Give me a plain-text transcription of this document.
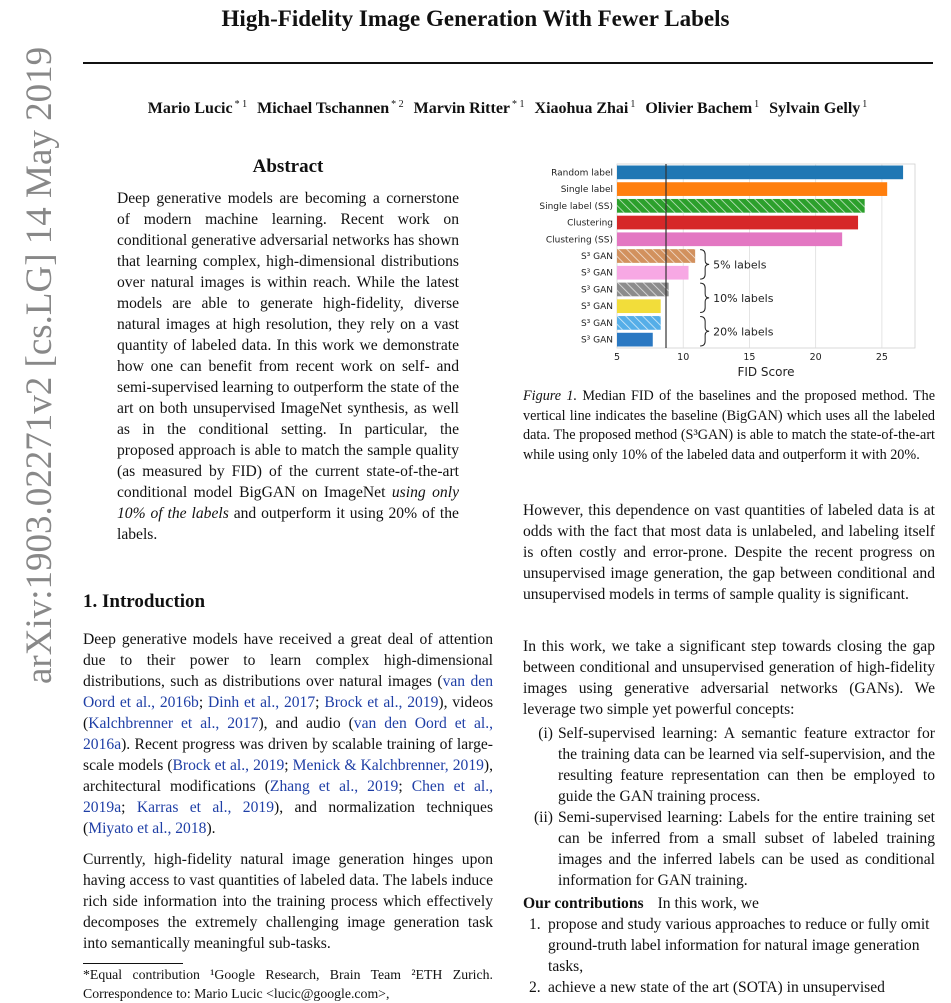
High-Fidelity Image Generation With Fewer Labels
Mario Lucic $^{* 1}$ Michael Tschannen $^{* 2}$ Marvin Ritter $^{* 1}$ Xiaohua Zhai $^1$ Olivier Bachem $^1$ Sylvain Gelly $^1$
arXiv:1903.02271v2 [cs.LG] 14 May 2019	Abstract
Deep generative models are becoming a cornerstone of modern machine learning. Recent work on conditional generative adversarial networks has shown that learning complex, high-dimensional distributions over natural images is within reach. While the latest models are able to generate high-fidelity, diverse natural images at high resolution, they rely on a vast quantity of labeled data. In this work we demonstrate how one can benefit from recent work on self- and semi-supervised learning to outperform the state of the art on both unsupervised ImageNet synthesis, as well as in the conditional setting. In particular, the proposed approach is able to match the sample quality (as measured by FID) of the current state-of-the-art conditional model BigGAN on ImageNet using only 10% of the labels and outperform it using 20% of the labels.
1. Introduction
Deep generative models have received a great deal of attention due to their power to learn complex high-dimensional distributions, such as distributions over natural images (van den Oord et al., 2016b; Dinh et al., 2017; Brock et al., 2019), videos (Kalchbrenner et al., 2017), and audio (van den Oord et al., 2016a). Recent progress was driven by scalable training of large-scale models (Brock et al., 2019; Menick & Kalchbrenner, 2019), architectural modifications (Zhang et al., 2019; Chen et al., 2019a; Karras et al., 2019), and normalization techniques (Miyato et al., 2018).
Currently, high-fidelity natural image generation hinges upon having access to vast quantities of labeled data. The labels induce rich side information into the training process which effectively decomposes the extremely challenging image generation task into semantically meaningful sub-tasks.
*Equal contribution ¹Google Research, Brain Team ²ETH Zurich. Correspondence to: Mario Lucic <lucic@google.com>,
Random label
Single label
Single label (SS)
Clustering
Clustering (SS)
S³ GAN
S³ GAN
S³ GAN
S³ GAN
S³ GAN
S³ GAN
5	10	15	20	25
5% labels
10% labels
20% labels
FID Score
Figure 1. Median FID of the baselines and the proposed method. The vertical line indicates the baseline (BigGAN) which uses all the labeled data. The proposed method (S³GAN) is able to match the state-of-the-art while using only 10% of the labeled data and outperform it with 20%.
However, this dependence on vast quantities of labeled data is at odds with the fact that most data is unlabeled, and labeling itself is often costly and error-prone. Despite the recent progress on unsupervised image generation, the gap between conditional and unsupervised models in terms of sample quality is significant.
In this work, we take a significant step towards closing the gap between conditional and unsupervised generation of high-fidelity images using generative adversarial networks (GANs). We leverage two simple yet powerful concepts:
(i) Self-supervised learning: A semantic feature extractor for the training data can be learned via self-supervision, and the resulting feature representation can then be employed to guide the GAN training process.
(ii) Semi-supervised learning: Labels for the entire training set can be inferred from a small subset of labeled training images and the inferred labels can be used as conditional information for GAN training.
Our contributions In this work, we
1. propose and study various approaches to reduce or fully omit ground-truth label information for natural image generation tasks,
2. achieve a new state of the art (SOTA) in unsupervised
